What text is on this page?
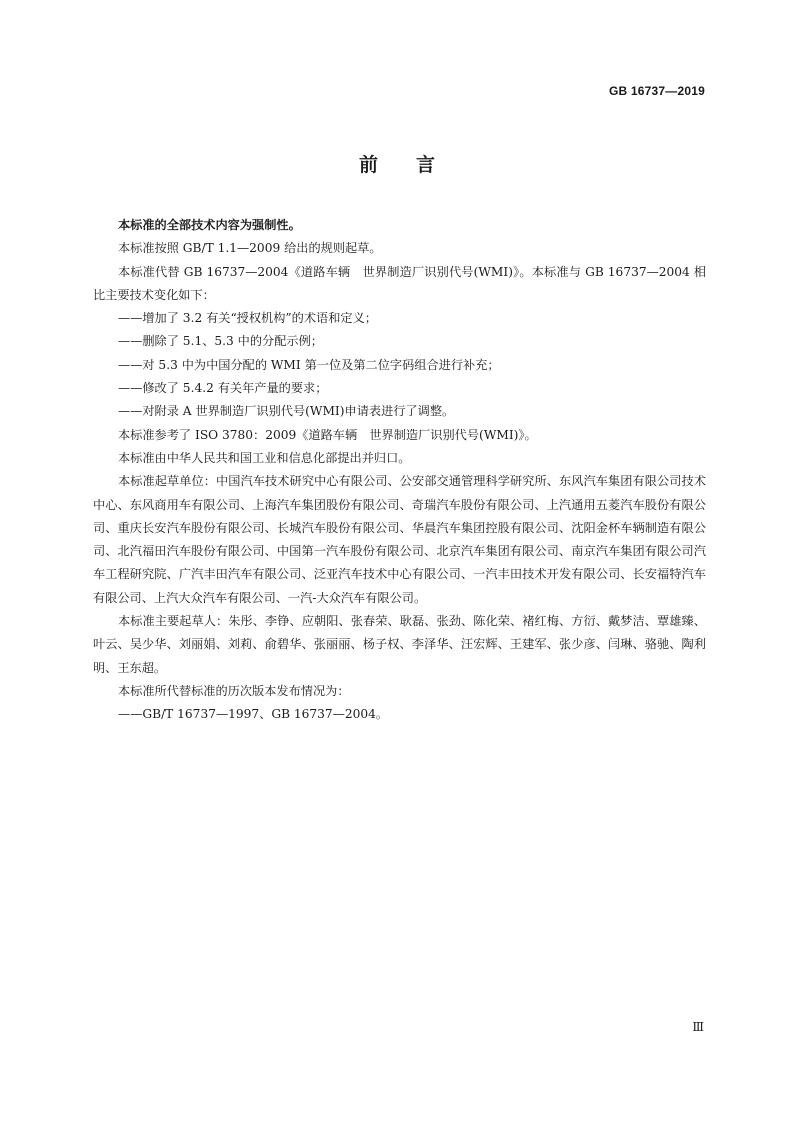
GB 16737—2019
前 言

本标准的全部技术内容为强制性。

本标准按照 GB/T 1.1—2009 给出的规则起草。

本标准代替 GB 16737—2004《道路车辆　世界制造厂识别代号(WMI)》。本标准与 GB 16737—2004 相比主要技术变化如下：

——增加了 3.2 有关“授权机构”的术语和定义；

——删除了 5.1、5.3 中的分配示例；

——对 5.3 中为中国分配的 WMI 第一位及第二位字码组合进行补充；

——修改了 5.4.2 有关年产量的要求；

——对附录 A 世界制造厂识别代号(WMI)申请表进行了调整。

本标准参考了 ISO 3780：2009《道路车辆　世界制造厂识别代号(WMI)》。

本标准由中华人民共和国工业和信息化部提出并归口。

本标准起草单位：中国汽车技术研究中心有限公司、公安部交通管理科学研究所、东风汽车集团有限公司技术中心、东风商用车有限公司、上海汽车集团股份有限公司、奇瑞汽车股份有限公司、上汽通用五菱汽车股份有限公司、重庆长安汽车股份有限公司、长城汽车股份有限公司、华晨汽车集团控股有限公司、沈阳金杯车辆制造有限公司、北汽福田汽车股份有限公司、中国第一汽车股份有限公司、北京汽车集团有限公司、南京汽车集团有限公司汽车工程研究院、广汽丰田汽车有限公司、泛亚汽车技术中心有限公司、一汽丰田技术开发有限公司、长安福特汽车有限公司、上汽大众汽车有限公司、一汽-大众汽车有限公司。

本标准主要起草人：朱彤、李铮、应朝阳、张春荣、耿磊、张劲、陈化荣、褚红梅、方衍、戴梦洁、覃雄臻、叶云、吴少华、刘丽娟、刘莉、俞碧华、张丽丽、杨子权、李泽华、汪宏辉、王建军、张少彦、闫琳、骆驰、陶利明、王东超。

本标准所代替标准的历次版本发布情况为：

——GB/T 16737—1997、GB 16737—2004。

Ⅲ
